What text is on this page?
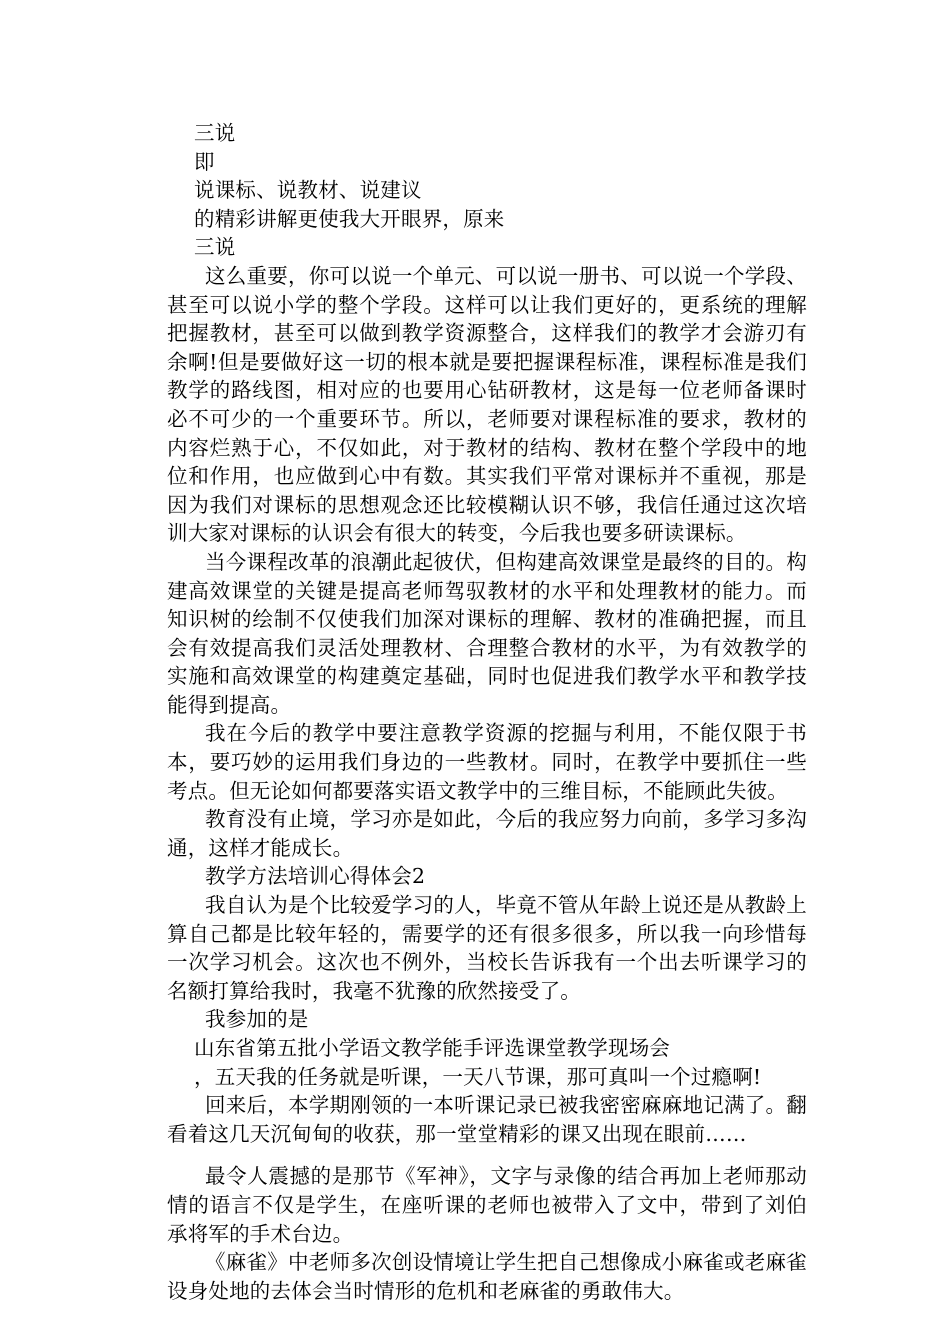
三说
即
说课标、说教材、说建议
的精彩讲解更使我大开眼界，原来
三说

这么重要，你可以说一个单元、可以说一册书、可以说一个学段、甚至可以说小学的整个学段。这样可以让我们更好的，更系统的理解把握教材，甚至可以做到教学资源整合，这样我们的教学才会游刃有余啊!但是要做好这一切的根本就是要把握课程标准，课程标准是我们教学的路线图，相对应的也要用心钻研教材，这是每一位老师备课时必不可少的一个重要环节。所以，老师要对课程标准的要求，教材的内容烂熟于心，不仅如此，对于教材的结构、教材在整个学段中的地位和作用，也应做到心中有数。其实我们平常对课标并不重视，那是因为我们对课标的思想观念还比较模糊认识不够，我信任通过这次培训大家对课标的认识会有很大的转变，今后我也要多研读课标。

当今课程改革的浪潮此起彼伏，但构建高效课堂是最终的目的。构建高效课堂的关键是提高老师驾驭教材的水平和处理教材的能力。而知识树的绘制不仅使我们加深对课标的理解、教材的准确把握，而且会有效提高我们灵活处理教材、合理整合教材的水平，为有效教学的实施和高效课堂的构建奠定基础，同时也促进我们教学水平和教学技能得到提高。

我在今后的教学中要注意教学资源的挖掘与利用，不能仅限于书本，要巧妙的运用我们身边的一些教材。同时，在教学中要抓住一些考点。但无论如何都要落实语文教学中的三维目标，不能顾此失彼。

教育没有止境，学习亦是如此，今后的我应努力向前，多学习多沟通，这样才能成长。

教学方法培训心得体会2

我自认为是个比较爱学习的人，毕竟不管从年龄上说还是从教龄上算自己都是比较年轻的，需要学的还有很多很多，所以我一向珍惜每一次学习机会。这次也不例外，当校长告诉我有一个出去听课学习的名额打算给我时，我毫不犹豫的欣然接受了。

我参加的是
山东省第五批小学语文教学能手评选课堂教学现场会
，五天我的任务就是听课，一天八节课，那可真叫一个过瘾啊!

回来后，本学期刚领的一本听课记录已被我密密麻麻地记满了。翻看着这几天沉甸甸的收获，那一堂堂精彩的课又出现在眼前……

最令人震撼的是那节《军神》，文字与录像的结合再加上老师那动情的语言不仅是学生，在座听课的老师也被带入了文中，带到了刘伯承将军的手术台边。

《麻雀》中老师多次创设情境让学生把自己想像成小麻雀或老麻雀设身处地的去体会当时情形的危机和老麻雀的勇敢伟大。
